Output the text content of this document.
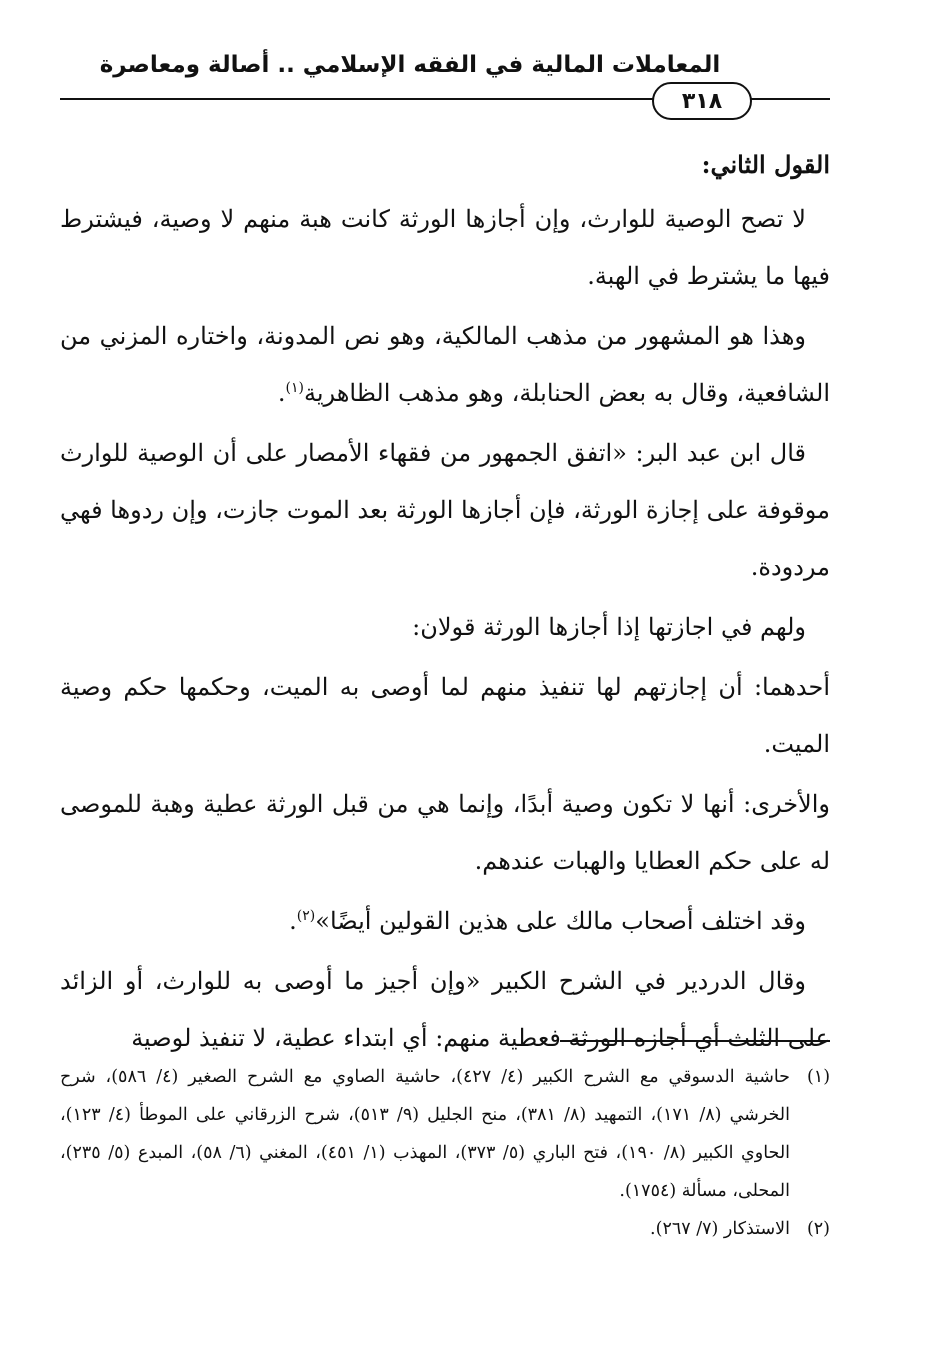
المعاملات المالية في الفقه الإسلامي .. أصالة ومعاصرة
٣١٨
القول الثاني:

لا تصح الوصية للوارث، وإن أجازها الورثة كانت هبة منهم لا وصية، فيشترط فيها ما يشترط في الهبة.

وهذا هو المشهور من مذهب المالكية، وهو نص المدونة، واختاره المزني من الشافعية، وقال به بعض الحنابلة، وهو مذهب الظاهرية$^{(١)}$.

قال ابن عبد البر: «اتفق الجمهور من فقهاء الأمصار على أن الوصية للوارث موقوفة على إجازة الورثة، فإن أجازها الورثة بعد الموت جازت، وإن ردوها فهي مردودة.

ولهم في اجازتها إذا أجازها الورثة قولان:

أحدهما: أن إجازتهم لها تنفيذ منهم لما أوصى به الميت، وحكمها حكم وصية الميت.

والأخرى: أنها لا تكون وصية أبدًا، وإنما هي من قبل الورثة عطية وهبة للموصى له على حكم العطايا والهبات عندهم.

وقد اختلف أصحاب مالك على هذين القولين أيضًا»$^{(٢)}$.

وقال الدردير في الشرح الكبير «وإن أجيز ما أوصى به للوارث، أو الزائد على الثلث أي أجازه الورثة فعطية منهم: أي ابتداء عطية، لا تنفيذ لوصية

(١)حاشية الدسوقي مع الشرح الكبير (٤/ ٤٢٧)، حاشية الصاوي مع الشرح الصغير (٤/ ٥٨٦)، شرح الخرشي (٨/ ١٧١)، التمهيد (٨/ ٣٨١)، منح الجليل (٩/ ٥١٣)، شرح الزرقاني على الموطأ (٤/ ١٢٣)، الحاوي الكبير (٨/ ١٩٠)، فتح الباري (٥/ ٣٧٣)، المهذب (١/ ٤٥١)، المغني (٦/ ٥٨)، المبدع (٥/ ٢٣٥)، المحلى، مسألة (١٧٥٤).

(٢)الاستذكار (٧/ ٢٦٧).
